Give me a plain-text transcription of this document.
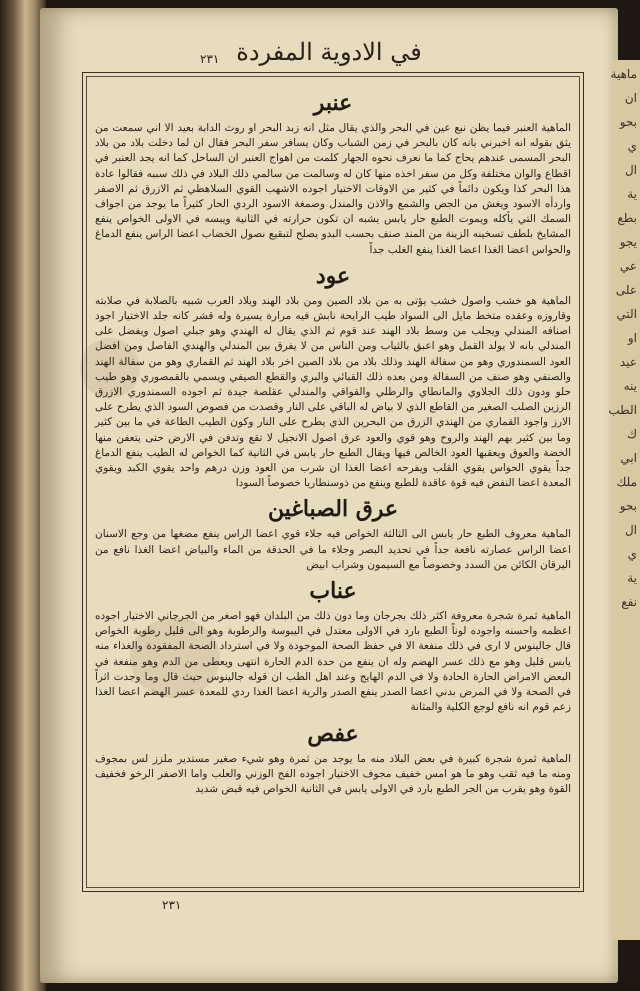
في الادوية المفردة
٢٣١
عنبر
الماهية العنبر فيما يظن نبع عين في البحر والذي يقال مثل انه زبد البحر او روث الدابة بعيد الا اني سمعت من يثق بقوله انه اخبرني بانه كان بالبحر في زمن الشباب وكان يسافر سفر البحر فقال ان لما دخلت بلاد من بلاد البحر المسمى عندهم يحاج كما ما نعرف نحوه الجهار كلمت من اهواج العنبر ان الساحل كما انه يجد العنبر في اقطاع والوان مختلفة وكل من سفر اخذه منها كان له وسالمت من سالمي ذلك البلاد في ذلك سببه فقالوا عادة هذا البحر كذا ويكون دائماً في كثير من الاوقات الاختيار اجوده الاشهب القوي السلاهطي ثم الازرق ثم الاصفر واردأه الاسود ويغش من الجص والشمع والاذن والمندل وصمغة الاسود الردي الحار كثيراً ما يوجد من اجواف السمك التي يأكله ويموت الطبع حار يابس يشبه ان تكون حرارته في الثانية ويبسه في الاولى الخواص ينفع المشايخ بلطف تسخينه الزينة من المند صنف بحسب البدو يصلح لتبقيع نصول الخضاب اعضا الراس ينفع الدماغ والحواس اعضا الغذا اعضا الغذا ينفع الغلب جداً
عود
الماهية هو خشب واصول خشب يؤتى به من بلاد الصين ومن بلاد الهند وبلاد العرب شبيه بالصلابة في صلابته وقاروزه وعقده متخط مايل الى السواد طيب الرايحة نابش فيه مرارة يسيرة وله قشر كانه جلد الاختيار اجود اصنافه المندلي ويجلب من وسط بلاد الهند عند قوم ثم الذي يقال له الهندي وهو جبلي اصول ويفضل على المندلي بانه لا يولد القمل وهو اعبق بالثياب ومن الناس من لا يفرق بين المندلي والهندي الفاصل ومن افضل العود السمندوري وهو من سفالة الهند وذلك بلاد من بلاد الصين اخر بلاد الهند ثم القماري وهو من سفالة الهند والصنفي وهو صنف من السفالة ومن بعده ذلك القبائي والبري والقطع الصيفي ويسمي بالقمصوري وهو طيب حلو ودون ذلك الجلاوي والمانطاي والرطلي والقواقي والمندلي عقلصة جيدة ثم اجوده السمندوري الازرق الرزين الصلب الصغير من القاطع الذي لا بياض له الباقي على النار وقصدت من فصوص السود الذي يطرح على الارز واجود القماري من الهندي الزرق من البحرين الذي يطرح على النار وكون الطيب الطاعة في ما بين كثير وما بين كثير بهم الهند والروح وهو قوي والعود عرق اصول الانجيل لا تقع وتدفن في الارض حتى يتعفن منها الخضة والعوق ويعقبها العود الخالص فيها ويقال الطبع حار يابس في الثانية كما الخواص له الطيب ينفع الدماغ جداً يقوي الحواس يقوي القلب ويفرحه اعضا الغذا ان شرب من العود وزن درهم واحد يقوي الكبد ويقوي المعدة اعضا النفض فيه قوة عاقدة للطبع وينفع من ذوسنطاريا خصوصاً السودا
عرق الصباغين
الماهية معروف الطبع حار يابس الى الثالثة الخواص فيه جلاء قوي اعضا الراس ينفع مضغها من وجع الاسنان اعضا الراس عصارته نافعة جداً في تحديد البصر وجلاء ما في الحدقة من الماء والبياض اعضا الغذا نافع من اليرقان الكائن من السدد وخصوصاً مع السيمون وشراب ابيض
عناب
الماهية ثمرة شجرة معروفة اكثر ذلك بجرجان وما دون ذلك من البلدان فهو اصغر من الجرجاني الاختيار اجوده اعظمه واحسنه واجوده لوناً الطبع بارد في الاولى معتدل في اليبوسة والرطوبة وهو الى قليل رطوبة الخواص قال جالينوس لا ارى في ذلك منفعة الا في حفظ الصحة الموجودة ولا في استرداد الصحة المفقودة والغذاء منه يابس قليل وهو مع ذلك عسر الهضم وله ان ينفع من حدة الدم الحارة انتهى ويعطى من الدم وهو منفعة في البعض الامراض الحارة الحادة ولا في الدم الهايج وعند اهل الطب ان قوله جالينوس حيث قال وما وجدت اثراً في الصحة ولا في المرض بدني اعضا الصدر ينفع الصدر والرية اعضا الغذا ردي للمعدة عسر الهضم اعضا الغذا زعم قوم انه نافع لوجع الكلية والمثانة
عفص
الماهية ثمرة شجرة كبيرة في بعض البلاد منه ما يوجد من ثمرة وهو شيء صغير مستدير ملزز لس بمجوف ومنه ما فيه ثقب وهو ما هو امس خفيف مجوف الاختيار اجوده الفج الوزني والعلب واما الاصفر الرخو فخفيف القوة وهو يقرب من الجر الطبع بارد في الاولى يابس في الثانية الخواص فيه قبض شديد
٢٣١
ماهية
ان
بحو
ي
ال
ية
بطع
يجو
عي
على
التي
او
عيد
ينه
الطب
ك
ابي
ملك
بحو
ال
ي
ية
نفع
